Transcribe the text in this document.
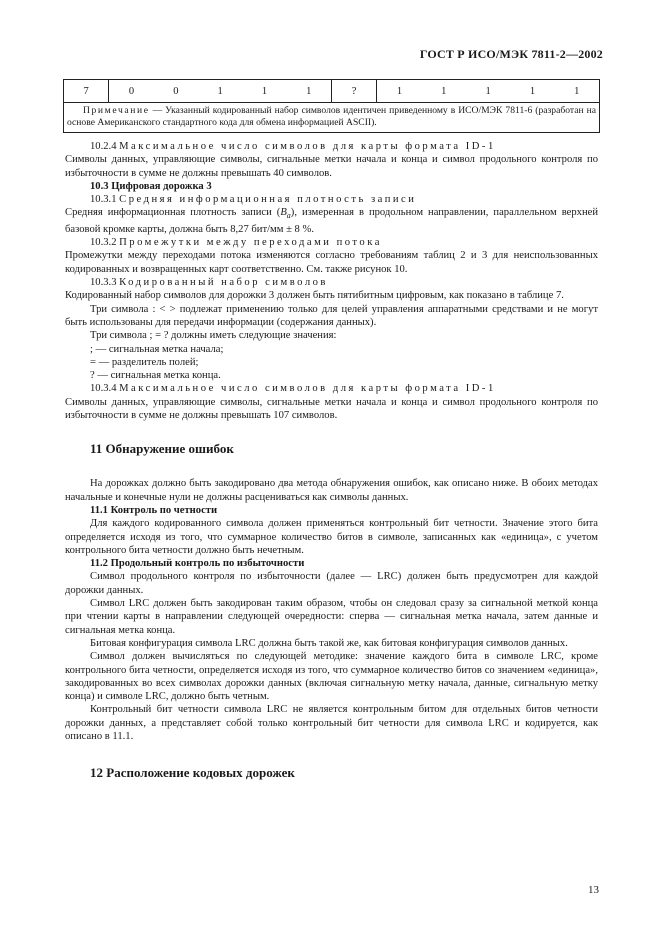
ГОСТ Р ИСО/МЭК 7811-2—2002
7	0	0	1	1	1	?	1	1	1	1	1
Примечание — Указанный кодированный набор символов идентичен приведенному в ИСО/МЭК 7811-6 (разработан на основе Американского стандартного кода для обмена информацией ASCII).

10.2.4 Максимальное число символов для карты формата ID-1

Символы данных, управляющие символы, сигнальные метки начала и конца и символ продольного контроля по избыточности в сумме не должны превышать 40 символов.

10.3 Цифровая дорожка 3

10.3.1 Средняя информационная плотность записи

Средняя информационная плотность записи $(B_a)$, измеренная в продольном направлении, параллельном верхней базовой кромке карты, должна быть 8,27 бит/мм ± 8 %.

10.3.2 Промежутки между переходами потока

Промежутки между переходами потока изменяются согласно требованиям таблиц 2 и 3 для неиспользованных кодированных и возвращенных карт соответственно. См. также рисунок 10.

10.3.3 Кодированный набор символов

Кодированный набор символов для дорожки 3 должен быть пятибитным цифровым, как показано в таблице 7.

Три символа : < > подлежат применению только для целей управления аппаратными средствами и не могут быть использованы для передачи информации (содержания данных).

Три символа ; = ? должны иметь следующие значения:

; — сигнальная метка начала;

= — разделитель полей;

? — сигнальная метка конца.

10.3.4 Максимальное число символов для карты формата ID-1

Символы данных, управляющие символы, сигнальные метки начала и конца и символ продольного контроля по избыточности в сумме не должны превышать 107 символов.

11 Обнаружение ошибок

На дорожках должно быть закодировано два метода обнаружения ошибок, как описано ниже. В обоих методах начальные и конечные нули не должны расцениваться как символы данных.

11.1 Контроль по четности

Для каждого кодированного символа должен применяться контрольный бит четности. Значение этого бита определяется исходя из того, что суммарное количество битов в символе, записанных как «единица», с учетом контрольного бита четности должно быть нечетным.

11.2 Продольный контроль по избыточности

Символ продольного контроля по избыточности (далее — LRC) должен быть предусмотрен для каждой дорожки данных.

Символ LRC должен быть закодирован таким образом, чтобы он следовал сразу за сигнальной меткой конца при чтении карты в направлении следующей очередности: сперва — сигнальная метка начала, затем данные и сигнальная метка конца.

Битовая конфигурация символа LRC должна быть такой же, как битовая конфигурация символов данных.

Символ должен вычисляться по следующей методике: значение каждого бита в символе LRC, кроме контрольного бита четности, определяется исходя из того, что суммарное количество битов со значением «единица», закодированных во всех символах дорожки данных (включая сигнальную метку начала, данные, сигнальную метку конца) и символе LRC, должно быть четным.

Контрольный бит четности символа LRC не является контрольным битом для отдельных битов четности дорожки данных, а представляет собой только контрольный бит четности для символа LRC и кодируется, как описано в 11.1.

12 Расположение кодовых дорожек

13
